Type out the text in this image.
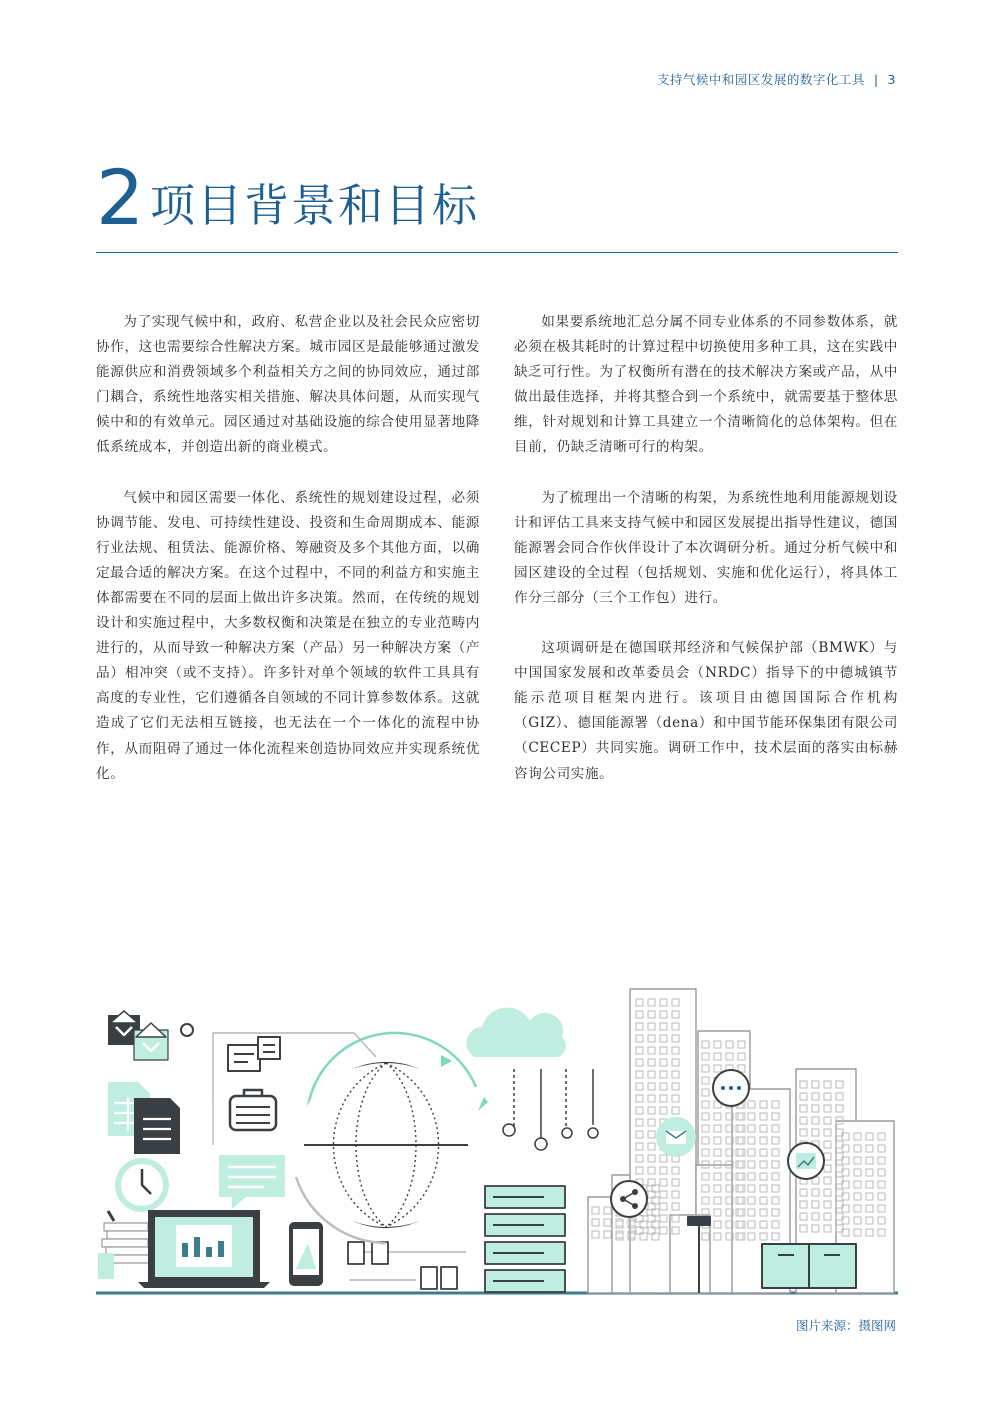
支持气候中和园区发展的数字化工具 | 3
2 项目背景和目标

为了实现气候中和，政府、私营企业以及社会民众应密切协作，这也需要综合性解决方案。城市园区是最能够通过激发能源供应和消费领域多个利益相关方之间的协同效应，通过部门耦合，系统性地落实相关措施、解决具体问题，从而实现气候中和的有效单元。园区通过对基础设施的综合使用显著地降低系统成本，并创造出新的商业模式。

气候中和园区需要一体化、系统性的规划建设过程，必须协调节能、发电、可持续性建设、投资和生命周期成本、能源行业法规、租赁法、能源价格、筹融资及多个其他方面，以确定最合适的解决方案。在这个过程中，不同的利益方和实施主体都需要在不同的层面上做出许多决策。然而，在传统的规划设计和实施过程中，大多数权衡和决策是在独立的专业范畴内进行的，从而导致一种解决方案（产品）另一种解决方案（产品）相冲突（或不支持）。许多针对单个领域的软件工具具有高度的专业性，它们遵循各自领域的不同计算参数体系。这就造成了它们无法相互链接，也无法在一个一体化的流程中协作，从而阻碍了通过一体化流程来创造协同效应并实现系统优化。

如果要系统地汇总分属不同专业体系的不同参数体系，就必须在极其耗时的计算过程中切换使用多种工具，这在实践中缺乏可行性。为了权衡所有潜在的技术解决方案或产品，从中做出最佳选择，并将其整合到一个系统中，就需要基于整体思维，针对规划和计算工具建立一个清晰简化的总体架构。但在目前，仍缺乏清晰可行的构架。

为了梳理出一个清晰的构架，为系统性地利用能源规划设计和评估工具来支持气候中和园区发展提出指导性建议，德国能源署会同合作伙伴设计了本次调研分析。通过分析气候中和园区建设的全过程（包括规划、实施和优化运行），将具体工作分三部分（三个工作包）进行。

这项调研是在德国联邦经济和气候保护部（BMWK）与中国国家发展和改革委员会（NRDC）指导下的中德城镇节能示范项目框架内进行。该项目由德国国际合作机构（GIZ）、德国能源署（dena）和中国节能环保集团有限公司（CECEP）共同实施。调研工作中，技术层面的落实由标赫咨询公司实施。

图片来源：摄图网
